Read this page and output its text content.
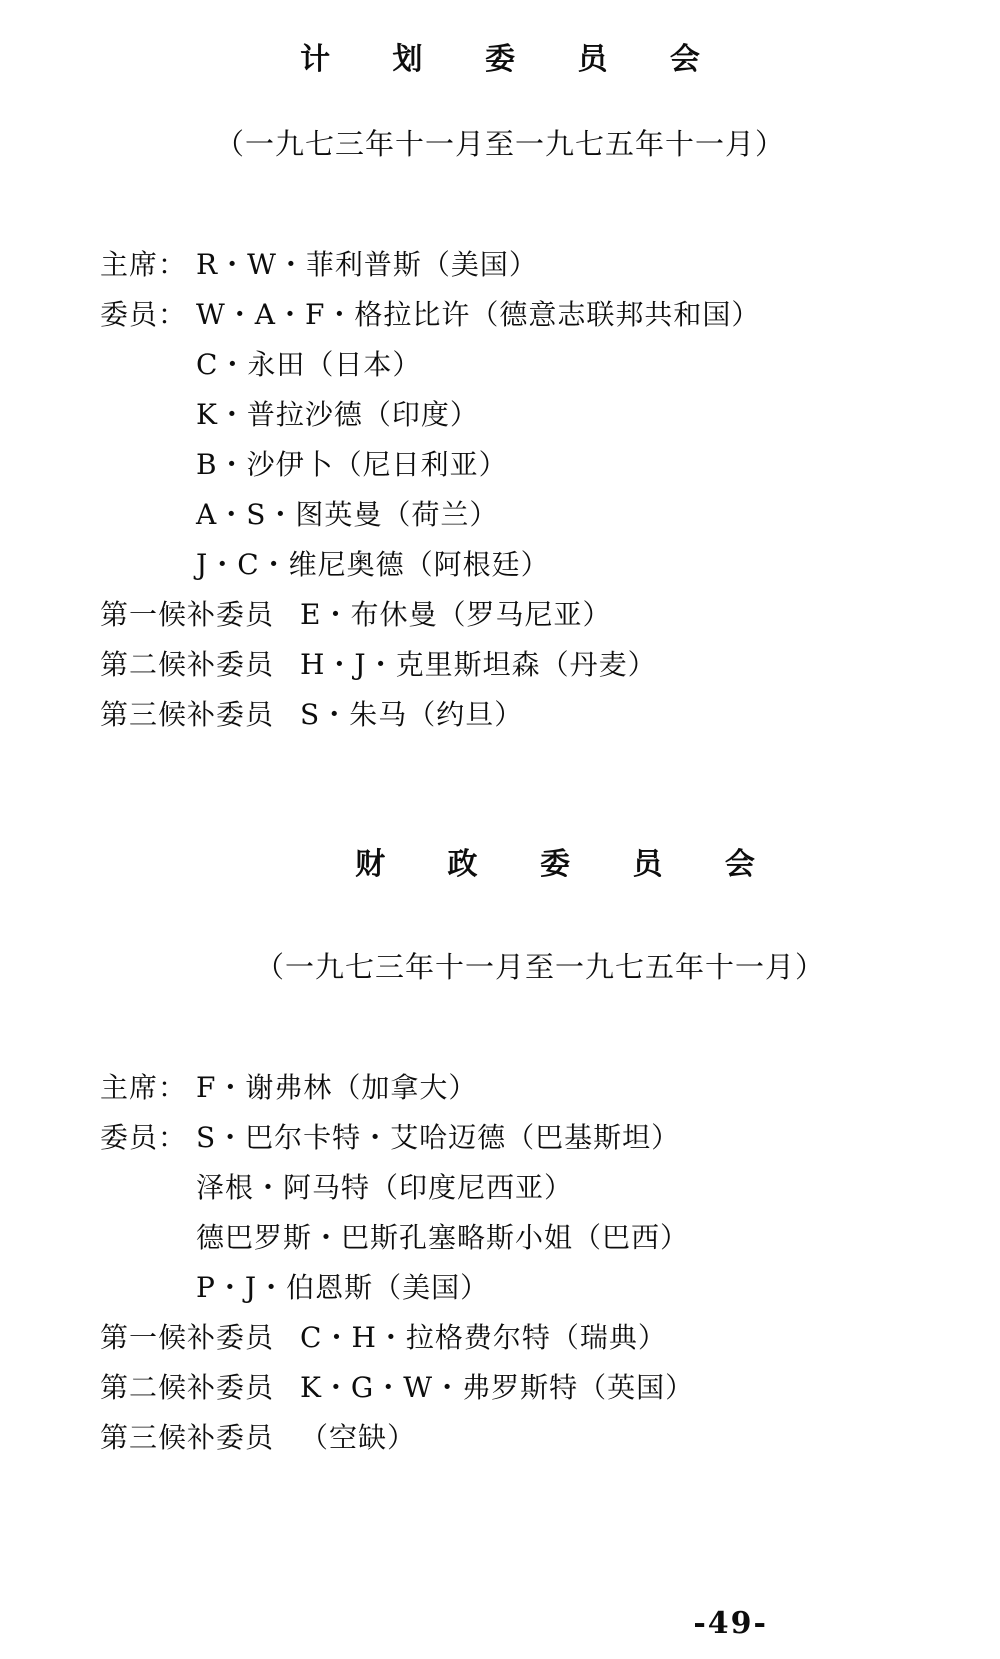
计 划 委 员 会
（一九七三年十一月至一九七五年十一月）
主席： R・W・菲利普斯（美国）
委员： W・A・F・格拉比许（德意志联邦共和国）
C・永田（日本）
K・普拉沙德（印度）
B・沙伊卜（尼日利亚）
A・S・图英曼（荷兰）
J・C・维尼奥德（阿根廷）
第一候补委员 E・布休曼（罗马尼亚）
第二候补委员 H・J・克里斯坦森（丹麦）
第三候补委员 S・朱马（约旦）
财 政 委 员 会
（一九七三年十一月至一九七五年十一月）
主席： F・谢弗林（加拿大）
委员： S・巴尔卡特・艾哈迈德（巴基斯坦）
泽根・阿马特（印度尼西亚）
德巴罗斯・巴斯孔塞略斯小姐（巴西）
P・J・伯恩斯（美国）
第一候补委员 C・H・拉格费尔特（瑞典）
第二候补委员 K・G・W・弗罗斯特（英国）
第三候补委员 （空缺）
-49-
